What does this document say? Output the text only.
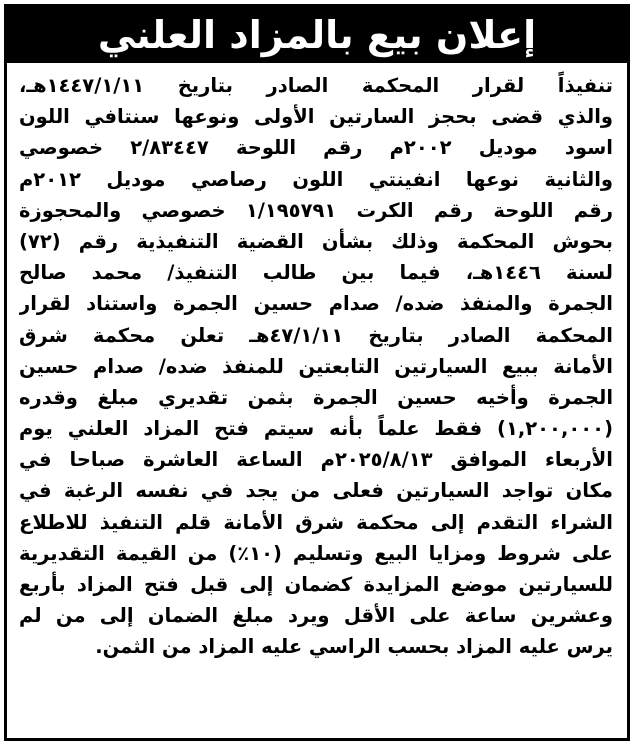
إعلان بيع بالمزاد العلني
تنفيذاً لقرار المحكمة الصادر بتاريخ ١٤٤٧/١/١١هـ،
والذي قضى بحجز السارتين الأولى ونوعها سنتافي اللون
اسود موديل ٢٠٠٢م رقم اللوحة ٢/٨٣٤٤٧ خصوصي
والثانية نوعها انفينتي اللون رصاصي موديل ٢٠١٢م
رقم اللوحة رقم الكرت ١/١٩٥٧٩١ خصوصي والمحجوزة
بحوش المحكمة وذلك بشأن القضية التنفيذية رقم (٧٢)
لسنة ١٤٤٦هـ، فيما بين طالب التنفيذ/ محمد صالح
الجمرة والمنفذ ضده/ صدام حسين الجمرة واستناد لقرار
المحكمة الصادر بتاريخ ٤٧/١/١١هـ تعلن محكمة شرق
الأمانة ببيع السيارتين التابعتين للمنفذ ضده/ صدام حسين
الجمرة وأخيه حسين الجمرة بثمن تقديري مبلغ وقدره
(١,٢٠٠,٠٠٠) فقط علماً بأنه سيتم فتح المزاد العلني يوم
الأربعاء الموافق ٢٠٢٥/٨/١٣م الساعة العاشرة صباحا في
مكان تواجد السيارتين فعلى من يجد في نفسه الرغبة في
الشراء التقدم إلى محكمة شرق الأمانة قلم التنفيذ للاطلاع
على شروط ومزايا البيع وتسليم (١٠٪) من القيمة التقديرية
للسيارتين موضع المزايدة كضمان إلى قبل فتح المزاد بأربع
وعشرين ساعة على الأقل ويرد مبلغ الضمان إلى من لم
يرس عليه المزاد بحسب الراسي عليه المزاد من الثمن.
